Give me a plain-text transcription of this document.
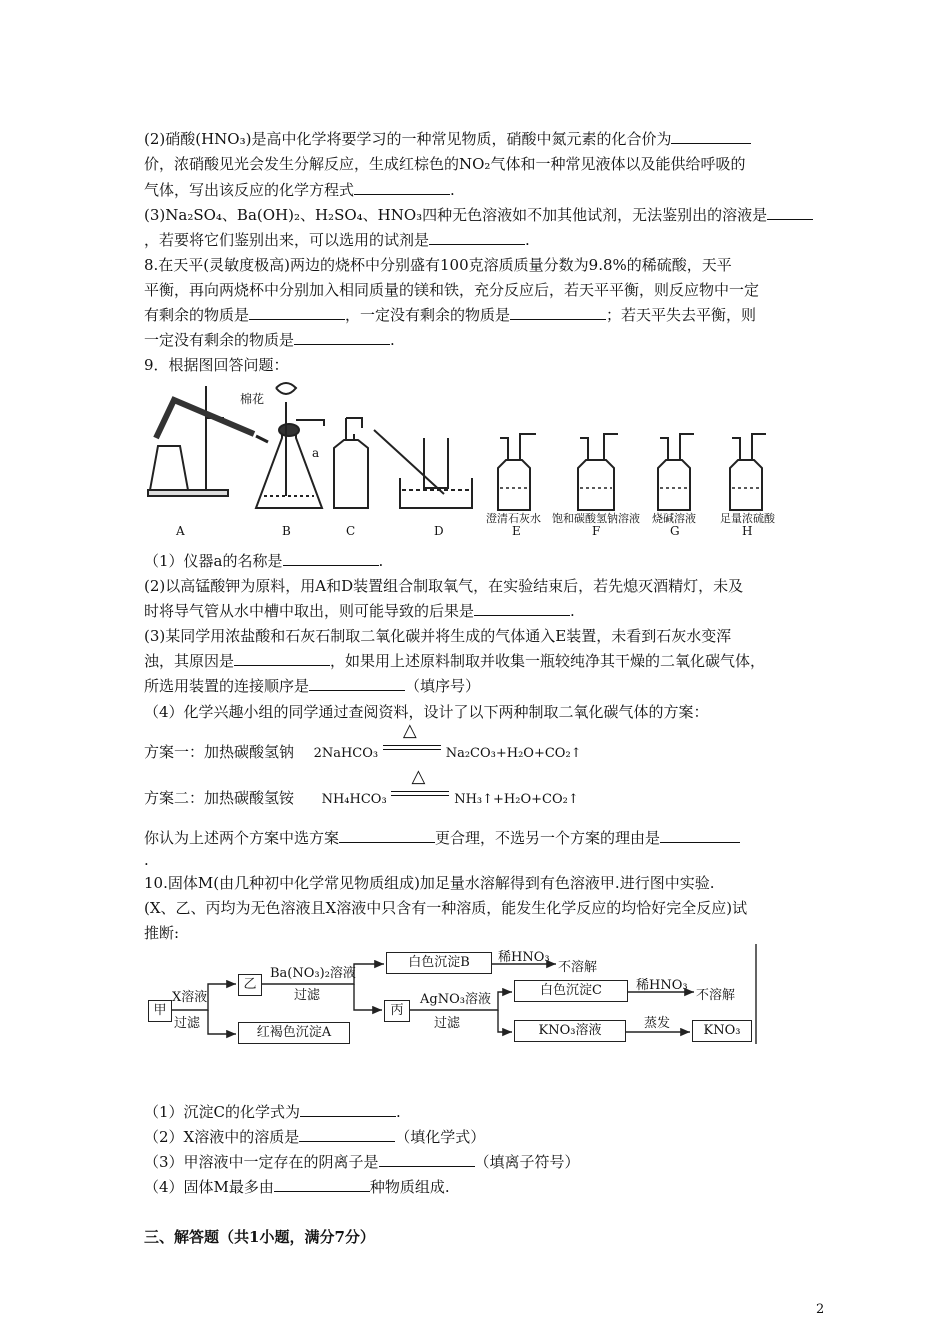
(2)硝酸(HNO₃)是高中化学将要学习的一种常见物质，硝酸中氮元素的化合价为
价，浓硝酸见光会发生分解反应，生成红棕色的NO₂气体和一种常见液体以及能供给呼吸的
气体，写出该反应的化学方程式	.
(3)Na₂SO₄、Ba(OH)₂、H₂SO₄、HNO₃四种无色溶液如不加其他试剂，无法鉴别出的溶液是
，若要将它们鉴别出来，可以选用的试剂是	.
8.在天平(灵敏度极高)两边的烧杯中分别盛有100克溶质质量分数为9.8%的稀硫酸，天平
平衡，再向两烧杯中分别加入相同质量的镁和铁，充分反应后，若天平平衡，则反应物中一定
有剩余的物质是	，一定没有剩余的物质是	；若天平失去平衡，则
一定没有剩余的物质是	.
9．根据图回答问题：
棉花
a
A	B	C	D	E	F	G	H
澄清石灰水 饱和碳酸氢钠溶液 烧碱溶液 足量浓硫酸
（1）仪器a的名称是	.
(2)以高锰酸钾为原料，用A和D装置组合制取氧气，在实验结束后，若先熄灭酒精灯，未及
时将导气管从水中槽中取出，则可能导致的后果是	.
(3)某同学用浓盐酸和石灰石制取二氧化碳并将生成的气体通入E装置，未看到石灰水变浑
浊，其原因是	，如果用上述原料制取并收集一瓶较纯净其干燥的二氧化碳气体，
所选用装置的连接顺序是	（填序号）
（4）化学兴趣小组的同学通过查阅资料，设计了以下两种制取二氧化碳气体的方案：
方案一：加热碳酸氢钠 2NaHCO₃
△
Na₂CO₃+H₂O+CO₂↑
方案二：加热碳酸氢铵 NH₄HCO₃
△
NH₃↑+H₂O+CO₂↑
你认为上述两个方案中选方案	更合理，不选另一个方案的理由是
.
10.固体M(由几种初中化学常见物质组成)加足量水溶解得到有色溶液甲.进行图中实验.
(X、乙、丙均为无色溶液且X溶液中只含有一种溶质，能发生化学反应的均恰好完全反应)试
推断:
甲
X溶液
过滤
乙
Ba(NO₃)₂溶液
过滤
白色沉淀B	稀HNO₃
不溶解
红褐色沉淀A
丙
AgNO₃溶液
过滤
白色沉淀C	稀HNO₃
不溶解
KNO₃溶液	蒸发	KNO₃
（1）沉淀C的化学式为	.
（2）X溶液中的溶质是	（填化学式）
（3）甲溶液中一定存在的阴离子是	（填离子符号）
（4）固体M最多由	种物质组成.
三、解答题（共1小题，满分7分）
2
